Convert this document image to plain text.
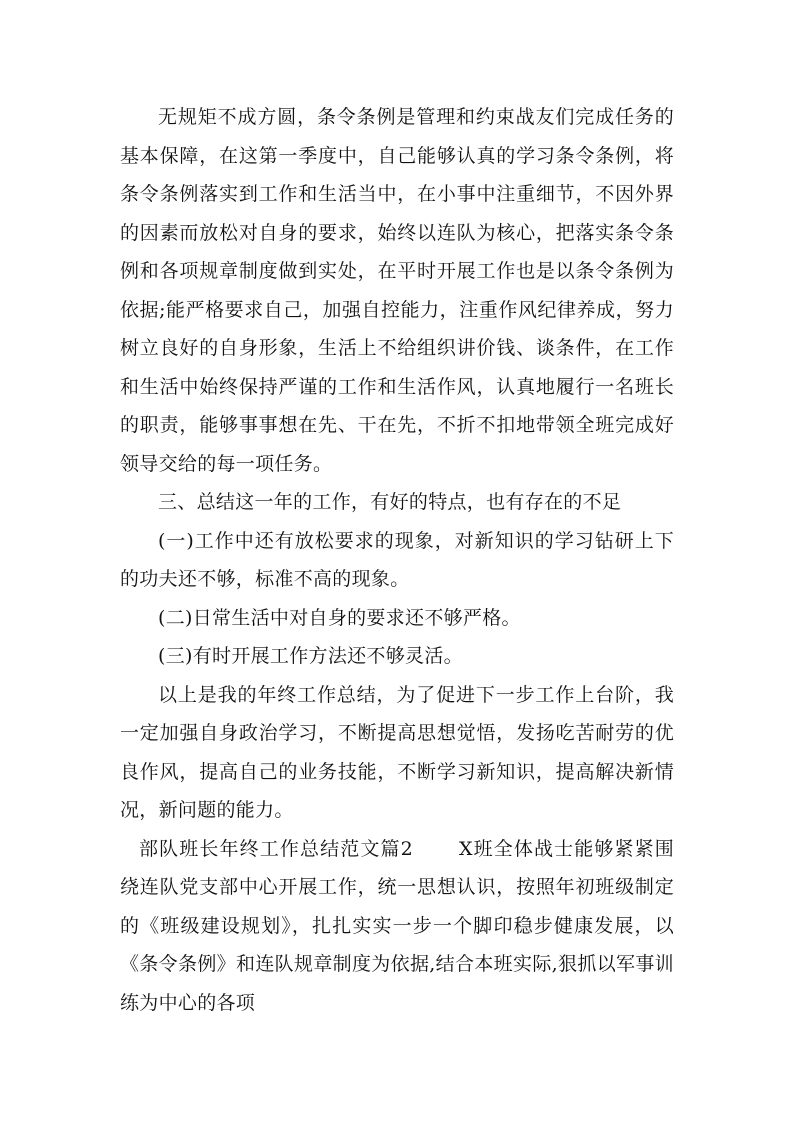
无规矩不成方圆，条令条例是管理和约束战友们完成任务的基本保障，在这第一季度中，自己能够认真的学习条令条例，将条令条例落实到工作和生活当中，在小事中注重细节，不因外界的因素而放松对自身的要求，始终以连队为核心，把落实条令条例和各项规章制度做到实处，在平时开展工作也是以条令条例为依据;能严格要求自己，加强自控能力，注重作风纪律养成，努力树立良好的自身形象，生活上不给组织讲价钱、谈条件，在工作和生活中始终保持严谨的工作和生活作风，认真地履行一名班长的职责，能够事事想在先、干在先，不折不扣地带领全班完成好领导交给的每一项任务。

三、总结这一年的工作，有好的特点，也有存在的不足

(一)工作中还有放松要求的现象，对新知识的学习钻研上下的功夫还不够，标准不高的现象。

(二)日常生活中对自身的要求还不够严格。

(三)有时开展工作方法还不够灵活。

以上是我的年终工作总结，为了促进下一步工作上台阶，我一定加强自身政治学习，不断提高思想觉悟，发扬吃苦耐劳的优良作风，提高自己的业务技能，不断学习新知识，提高解决新情况，新问题的能力。

部队班长年终工作总结范文篇2 X班全体战士能够紧紧围绕连队党支部中心开展工作，统一思想认识，按照年初班级制定的《班级建设规划》，扎扎实实一步一个脚印稳步健康发展，以《条令条例》和连队规章制度为依据,结合本班实际,狠抓以军事训练为中心的各项
